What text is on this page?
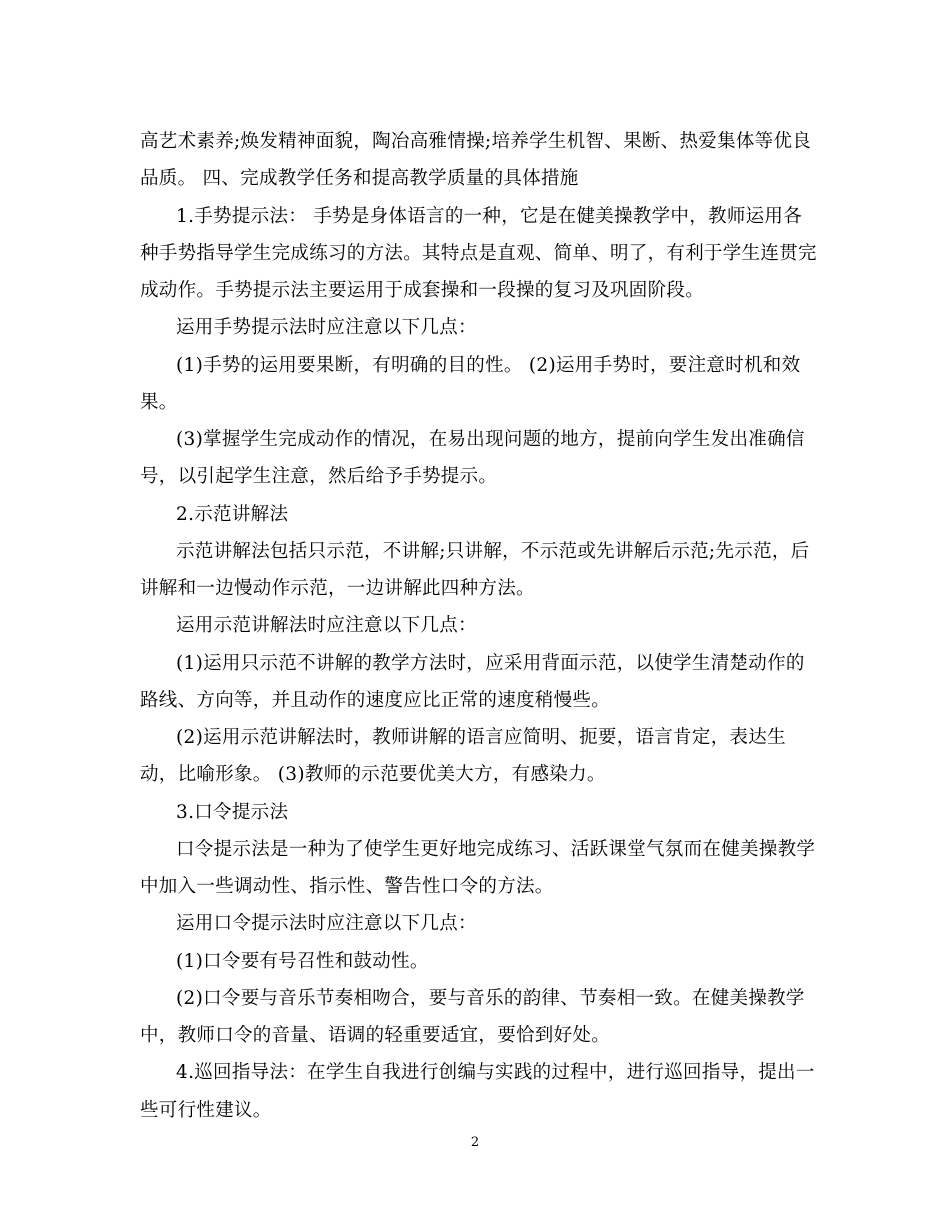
高艺术素养;焕发精神面貌，陶冶高雅情操;培养学生机智、果断、热爱集体等优良
品质。 四、完成教学任务和提高教学质量的具体措施
1.手势提示法： 手势是身体语言的一种，它是在健美操教学中，教师运用各
种手势指导学生完成练习的方法。其特点是直观、简单、明了，有利于学生连贯完
成动作。手势提示法主要运用于成套操和一段操的复习及巩固阶段。
运用手势提示法时应注意以下几点：
(1)手势的运用要果断，有明确的目的性。 (2)运用手势时，要注意时机和效
果。
(3)掌握学生完成动作的情况，在易出现问题的地方，提前向学生发出准确信
号，以引起学生注意，然后给予手势提示。
2.示范讲解法
示范讲解法包括只示范，不讲解;只讲解，不示范或先讲解后示范;先示范，后
讲解和一边慢动作示范，一边讲解此四种方法。
运用示范讲解法时应注意以下几点：
(1)运用只示范不讲解的教学方法时，应采用背面示范，以使学生清楚动作的
路线、方向等，并且动作的速度应比正常的速度稍慢些。
(2)运用示范讲解法时，教师讲解的语言应简明、扼要，语言肯定，表达生
动，比喻形象。 (3)教师的示范要优美大方，有感染力。
3.口令提示法
口令提示法是一种为了使学生更好地完成练习、活跃课堂气氛而在健美操教学
中加入一些调动性、指示性、警告性口令的方法。
运用口令提示法时应注意以下几点：
(1)口令要有号召性和鼓动性。
(2)口令要与音乐节奏相吻合，要与音乐的韵律、节奏相一致。在健美操教学
中，教师口令的音量、语调的轻重要适宜，要恰到好处。
4.巡回指导法：在学生自我进行创编与实践的过程中，进行巡回指导，提出一
些可行性建议。
2
